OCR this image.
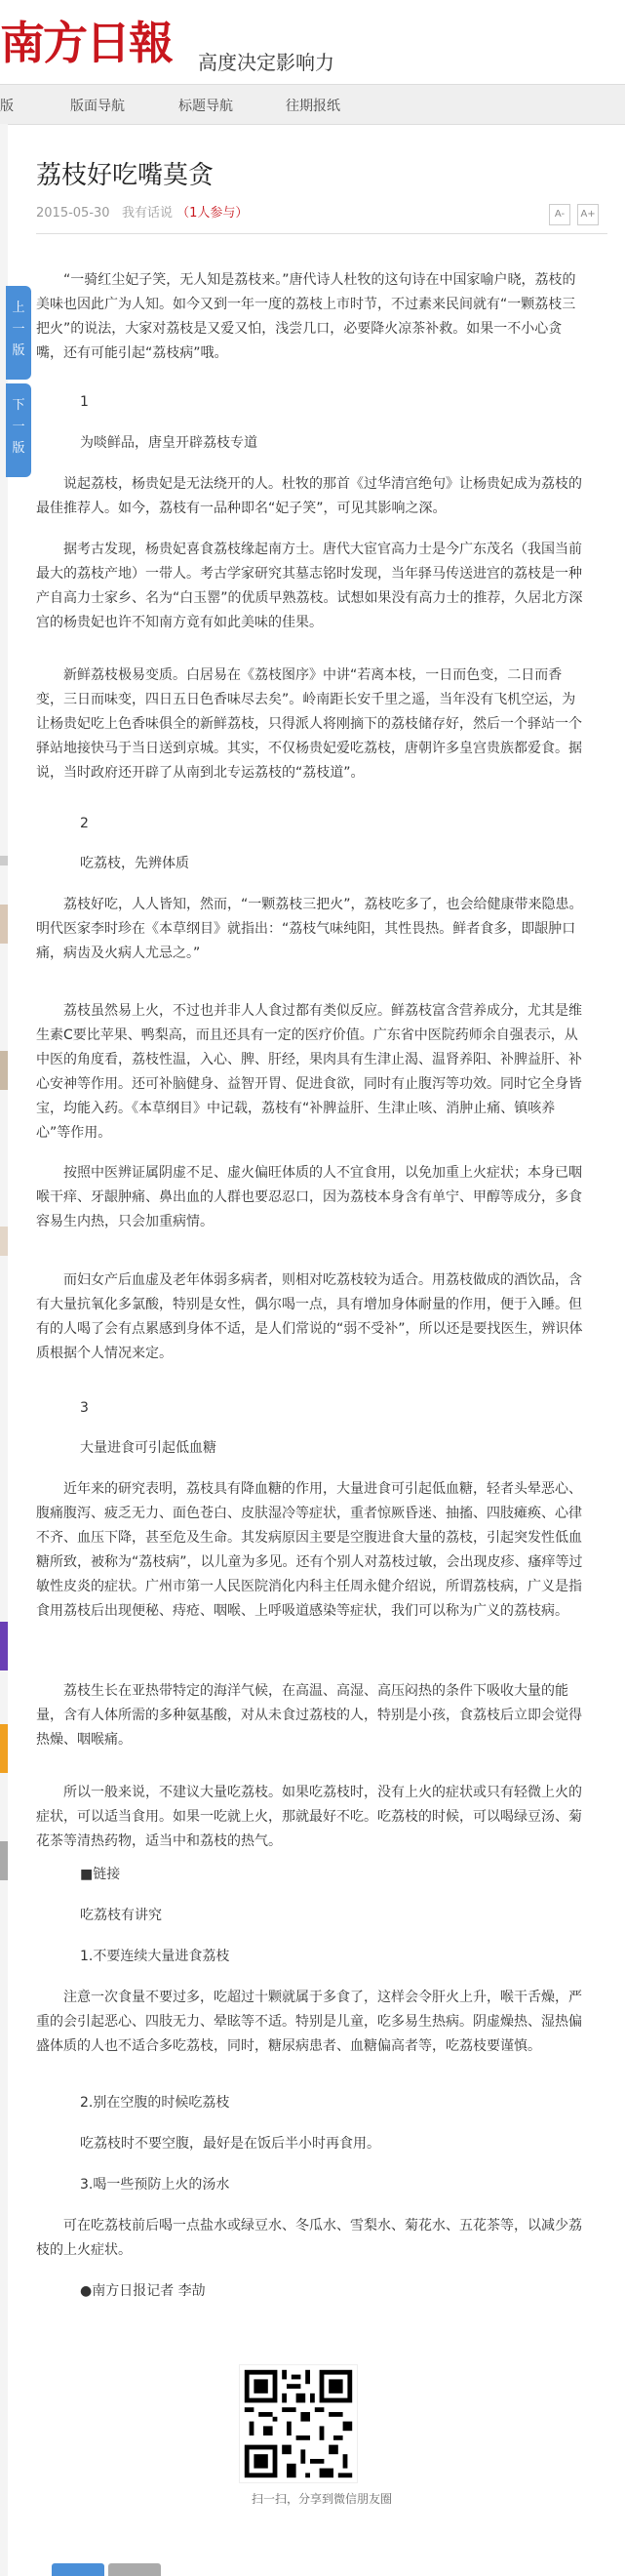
南方日報 高度决定影响力
版	版面导航	标题导航	往期报纸
上
一
版
下
一
版
荔枝好吃嘴莫贪
2015-05-30 我有话说 （1人参与）	A- A+

“一骑红尘妃子笑，无人知是荔枝来。”唐代诗人杜牧的这句诗在中国家喻户晓，荔枝的美味也因此广为人知。如今又到一年一度的荔枝上市时节，不过素来民间就有“一颗荔枝三把火”的说法，大家对荔枝是又爱又怕，浅尝几口，必要降火凉茶补救。如果一不小心贪嘴，还有可能引起“荔枝病”哦。

1

为啖鲜品，唐皇开辟荔枝专道

说起荔枝，杨贵妃是无法绕开的人。杜牧的那首《过华清宫绝句》让杨贵妃成为荔枝的最佳推荐人。如今，荔枝有一品种即名“妃子笑”，可见其影响之深。

据考古发现，杨贵妃喜食荔枝缘起南方士。唐代大宦官高力士是今广东茂名（我国当前最大的荔枝产地）一带人。考古学家研究其墓志铭时发现，当年驿马传送进宫的荔枝是一种产自高力士家乡、名为“白玉罂”的优质早熟荔枝。试想如果没有高力士的推荐，久居北方深宫的杨贵妃也许不知南方竟有如此美味的佳果。

新鲜荔枝极易变质。白居易在《荔枝图序》中讲“若离本枝，一日而色变，二日而香变，三日而味变，四日五日色香味尽去矣”。岭南距长安千里之遥，当年没有飞机空运，为让杨贵妃吃上色香味俱全的新鲜荔枝，只得派人将刚摘下的荔枝储存好，然后一个驿站一个驿站地接快马于当日送到京城。其实，不仅杨贵妃爱吃荔枝，唐朝许多皇宫贵族都爱食。据说，当时政府还开辟了从南到北专运荔枝的“荔枝道”。

2

吃荔枝，先辨体质

荔枝好吃，人人皆知，然而，“一颗荔枝三把火”，荔枝吃多了，也会给健康带来隐患。明代医家李时珍在《本草纲目》就指出：“荔枝气味纯阳，其性畏热。鲜者食多，即龈肿口痛，病齿及火病人尤忌之。”

荔枝虽然易上火，不过也并非人人食过都有类似反应。鲜荔枝富含营养成分，尤其是维生素C要比苹果、鸭梨高，而且还具有一定的医疗价值。广东省中医院药师余自强表示，从中医的角度看，荔枝性温，入心、脾、肝经，果肉具有生津止渴、温肾养阳、补脾益肝、补心安神等作用。还可补脑健身、益智开胃、促进食欲，同时有止腹泻等功效。同时它全身皆宝，均能入药。《本草纲目》中记载，荔枝有“补脾益肝、生津止咳、消肿止痛、镇咳养心”等作用。

按照中医辨证属阴虚不足、虚火偏旺体质的人不宜食用，以免加重上火症状；本身已咽喉干痒、牙龈肿痛、鼻出血的人群也要忍忍口，因为荔枝本身含有单宁、甲醇等成分，多食容易生内热，只会加重病情。

而妇女产后血虚及老年体弱多病者，则相对吃荔枝较为适合。用荔枝做成的酒饮品，含有大量抗氧化多氯酸，特别是女性，偶尔喝一点，具有增加身体耐量的作用，便于入睡。但有的人喝了会有点累感到身体不适，是人们常说的“弱不受补”，所以还是要找医生，辨识体质根据个人情况来定。

3

大量进食可引起低血糖

近年来的研究表明，荔枝具有降血糖的作用，大量进食可引起低血糖，轻者头晕恶心、腹痛腹泻、疲乏无力、面色苍白、皮肤湿冷等症状，重者惊厥昏迷、抽搐、四肢瘫痪、心律不齐、血压下降，甚至危及生命。其发病原因主要是空腹进食大量的荔枝，引起突发性低血糖所致，被称为“荔枝病”，以儿童为多见。还有个别人对荔枝过敏，会出现皮疹、瘙痒等过敏性皮炎的症状。广州市第一人民医院消化内科主任周永健介绍说，所谓荔枝病，广义是指食用荔枝后出现便秘、痔疮、咽喉、上呼吸道感染等症状，我们可以称为广义的荔枝病。

荔枝生长在亚热带特定的海洋气候，在高温、高湿、高压闷热的条件下吸收大量的能量，含有人体所需的多种氨基酸，对从未食过荔枝的人，特别是小孩，食荔枝后立即会觉得热燥、咽喉痛。

所以一般来说，不建议大量吃荔枝。如果吃荔枝时，没有上火的症状或只有轻微上火的症状，可以适当食用。如果一吃就上火，那就最好不吃。吃荔枝的时候，可以喝绿豆汤、菊花茶等清热药物，适当中和荔枝的热气。

■链接

吃荔枝有讲究

1.不要连续大量进食荔枝

注意一次食量不要过多，吃超过十颗就属于多食了，这样会令肝火上升，喉干舌燥，严重的会引起恶心、四肢无力、晕眩等不适。特别是儿童，吃多易生热病。阴虚燥热、湿热偏盛体质的人也不适合多吃荔枝，同时，糖尿病患者、血糖偏高者等，吃荔枝要谨慎。

2.别在空腹的时候吃荔枝

吃荔枝时不要空腹，最好是在饭后半小时再食用。

3.喝一些预防上火的汤水

可在吃荔枝前后喝一点盐水或绿豆水、冬瓜水、雪梨水、菊花水、五花茶等，以减少荔枝的上火症状。

●南方日报记者 李劼

扫一扫，分享到微信朋友圈
